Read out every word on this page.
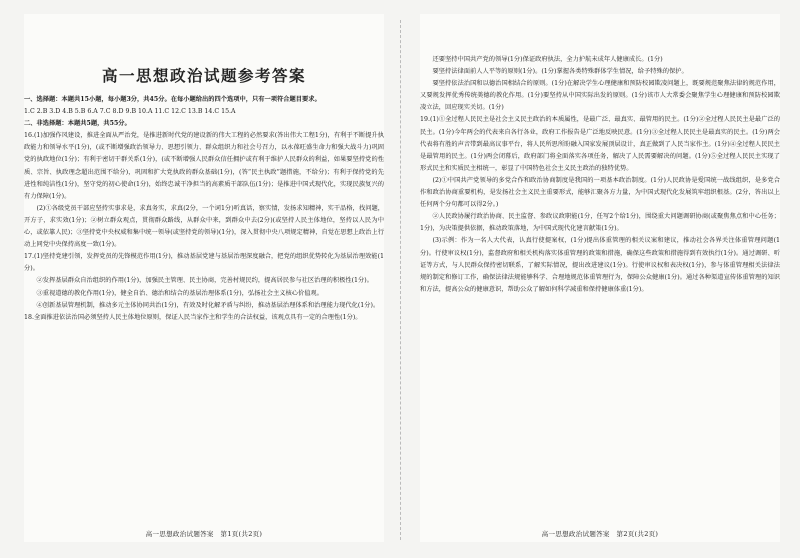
高一思想政治试题参考答案

一、选择题：本题共15小题，每小题3分，共45分。在每小题给出的四个选项中，只有一项符合题目要求。

1.C 2.B 3.D 4.B 5.B 6.A 7.C 8.D 9.B 10.A 11.C 12.C 13.B 14.C 15.A

二、非选择题：本题共5题，共55分。

16.(1)加强作风建设，推进全面从严治党，是推进新时代党的建设新的伟大工程的必然要求(答出伟大工程1分)，有利于不断提升执政能力和领导水平(1分)，(或不断增强政治领导力、思想引领力、群众组织力和社会号召力，以永葆旺盛生命力和强大战斗力)巩固党的执政地位(1分)；有利于密切干群关系(1分)，(或不断增强人民群众信任拥护或有利于维护人民群众的利益，如果要坚持党的性质、宗旨、执政理念超出范围不给分)，巩固和扩大党执政的群众基础(1分)，(答“民主执政”题措施，不给分)；有利于保持党的先进性和纯洁性(1分)，坚守党的初心使命(1分)，始终忠诚干净担当的高素质干部队伍(1分)；是推进中国式现代化，实现民族复兴的有力保障(1分)。

(2)①各级党员干部应坚持实事求是，求真务实，求真(2分，一个词1分)听真话，察实情，发扬求知精神，实干品格，找问题，开方子，求实效(1分)；②树立群众观点，贯彻群众路线，从群众中来，到群众中去(2分)(或坚持人民主体地位，坚持以人民为中心，或依靠人民)；③坚持党中央权威和集中统一领导(或坚持党的领导)(1分)，深入贯彻中央八项规定精神，自觉在思想上政治上行动上同党中央保持高度一致(1分)。

17.(1)坚持党建引领，发挥党员的先锋模范作用(1分)，推动基层党建与基层治理深度融合，把党的组织优势转化为基层治理效能(1分)。

②发挥基层群众自治组织的作用(1分)，加强民主管理、民主协商，完善村规民约，提高居民参与社区治理的积极性(1分)。

③重视道德的教化作用(1分)，健全自治、德治和结合的基层治理体系(1分)，弘扬社会主义核心价值观。

④创新基层管理机制，推动多元主体协同共治(1分)，有效及时化解矛盾与纠纷，推动基层治理体系和治理能力现代化(1分)。

18.全面推进依法治国必须坚持人民主体地位原则，保证人民当家作主和学生的合法权益，该观点具有一定的合理性(1分)。

高一思想政治试题答案　第1页(共2页)

还要坚持中国共产党的领导(1分)保证政府执法，全力护航未成年人健康成长。(1分)

要坚持法律面前人人平等的原则(1分)。(1分)掌握各类特殊群体学生情况，给予特殊的保护。

要坚持依法治国和以德治国相结合的原则。(1分)在解决学生心理健康和预防校园欺凌问题上，既要规范聚焦法律的规范作用，又要规发挥优秀传统美德的教化作用。(1分)要坚持从中国实际出发的原则。(1分)该市人大常委会聚焦学生心理健康和预防校园欺凌立法，回应现实关切。(1分)

19.(1)①全过程人民民主是社会主义民主政治的本质属性，是最广泛、最真实、最管用的民主。(1分)②全过程人民民主是最广泛的民主。(1分)今年两会的代表来自各行各业，政府工作报告是广泛地反映民意。(1分)③全过程人民民主是最真实的民主。(1分)两会代表将有胜的声音带到最高议事平台，将人民所思所盼融入国家发展顶层设计，真正做到了人民当家作主。(1分)④全过程人民民主是最管用的民主。(1分)两会闭幕后，政府部门将全面落实各项任务，解决了人民需要解决的问题。(1分)⑤全过程人民民主实现了形式民主和实质民主相统一，彰显了中国特色社会主义民主政治的独特优势。

(2)①中国共产党领导的多党合作和政治协商制度是我国的一项基本政治制度。(1分)人民政协是爱国统一战线组织，是多党合作和政治协商重要机构，是发扬社会主义民主重要形式，能够汇聚各方力量，为中国式现代化发展筑牢组织根基。(2分，答出以上任何两个分句都可以得2分。)

②人民政协履行政治协商、民主监督、参政议政职能(1分，任写2个给1分)，围绕重大问题调研协商(或聚焦焦点和中心任务；1分)，为决策提供依据，推动政策落地，为中国式现代化建言献策(1分)。

(3)示例：作为一名人大代表，认真行使提案权，(1分)提出体重管理的相关议案和建议，推动社会各界关注体重管理问题(1分)。行使审议权(1分)，监督政府和相关机构落实体重管理的政策和措施，确保这些政策和措施得到有效执行(1分)。通过调研、听证等方式，与人民群众保持密切联系，了解实际情况，提出改进建议(1分)。行使审议权和表决权(1分)，参与体重管理相关法律法规的制定和修订工作，确保法律法规能够科学、合理地规范体重管理行为，保障公众健康(1分)。通过各种渠道宣传体重管理的知识和方法，提高公众的健康意识，帮助公众了解如何科学减重和保持健康体重(1分)。

高一思想政治试题答案　第2页(共2页)
